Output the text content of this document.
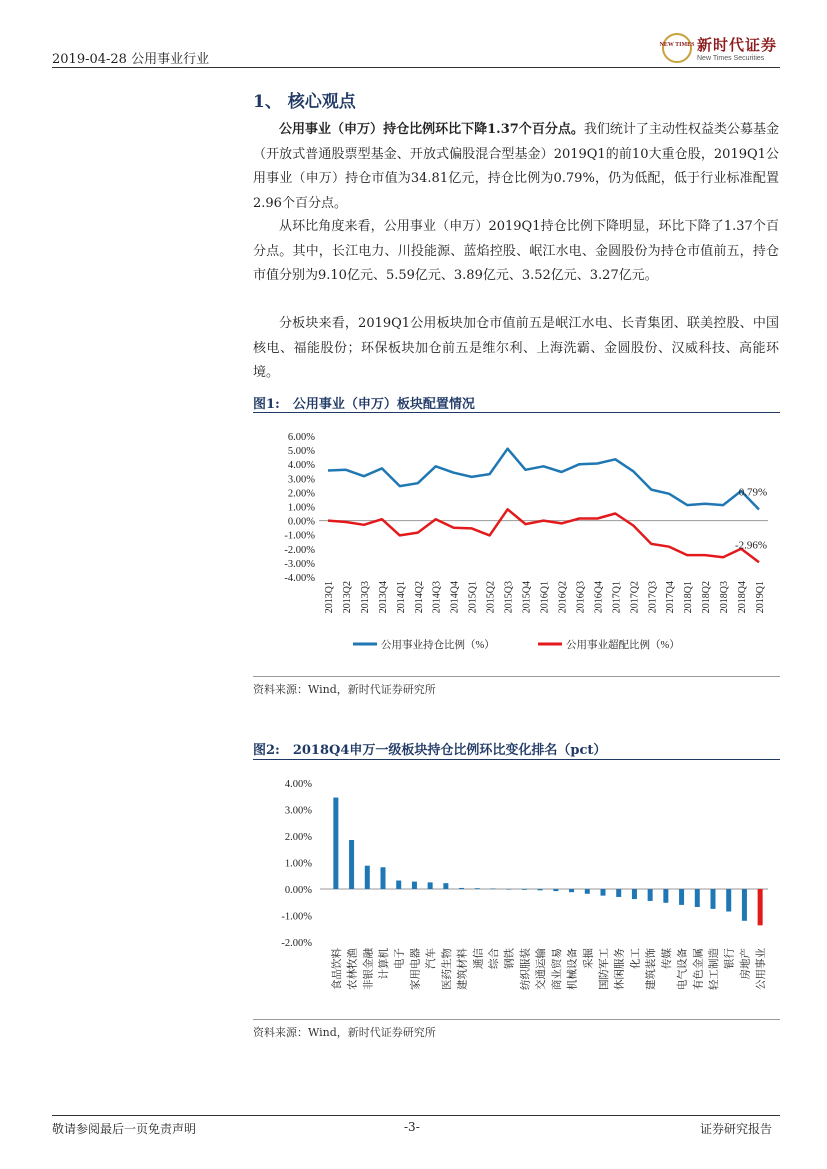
2019-04-28 公用事业行业
NEW TIMES 新时代证券
New Times Securities
1、 核心观点
公用事业（申万）持仓比例环比下降1.37个百分点。我们统计了主动性权益类公募基金（开放式普通股票型基金、开放式偏股混合型基金）2019Q1的前10大重仓股，2019Q1公用事业（申万）持仓市值为34.81亿元，持仓比例为0.79%，仍为低配，低于行业标准配置2.96个百分点。
从环比角度来看，公用事业（申万）2019Q1持仓比例下降明显，环比下降了1.37个百分点。其中，长江电力、川投能源、蓝焰控股、岷江水电、金圆股份为持仓市值前五，持仓市值分别为9.10亿元、5.59亿元、3.89亿元、3.52亿元、3.27亿元。
分板块来看，2019Q1公用板块加仓市值前五是岷江水电、长青集团、联美控股、中国核电、福能股份；环保板块加仓前五是维尔利、上海洗霸、金圆股份、汉威科技、高能环境。
图1:　公用事业（申万）板块配置情况
6.00%
5.00%
4.00%
3.00%
2.00%
1.00%
0.00%
-1.00%
-2.00%
-3.00%
-4.00%
2013Q1 2013Q2 2013Q3 2013Q4 2014Q1 2014Q2 2014Q3 2014Q4 2015Q1 2015Q2 2015Q3 2015Q4 2016Q1 2016Q2 2016Q3 2016Q4 2017Q1 2017Q2 2017Q3 2017Q4 2018Q1 2018Q2 2018Q3 2018Q4 2019Q1
0.79%
-2.96%
公用事业持仓比例（%）	公用事业超配比例（%）
资料来源：Wind，新时代证券研究所
图2:　2018Q4申万一级板块持仓比例环比变化排名（pct）
4.00%
3.00%
2.00%
1.00%
0.00%
-1.00%
-2.00%
食品饮料 农林牧渔 非银金融 计算机 电子 家用电器 汽车 医药生物 建筑材料 通信 综合 钢铁 纺织服装 交通运输 商业贸易 机械设备 采掘 国防军工 休闲服务 化工 建筑装饰 传媒 电气设备 有色金属 轻工制造 银行 房地产 公用事业
资料来源：Wind，新时代证券研究所
敬请参阅最后一页免责声明	-3-	证券研究报告
